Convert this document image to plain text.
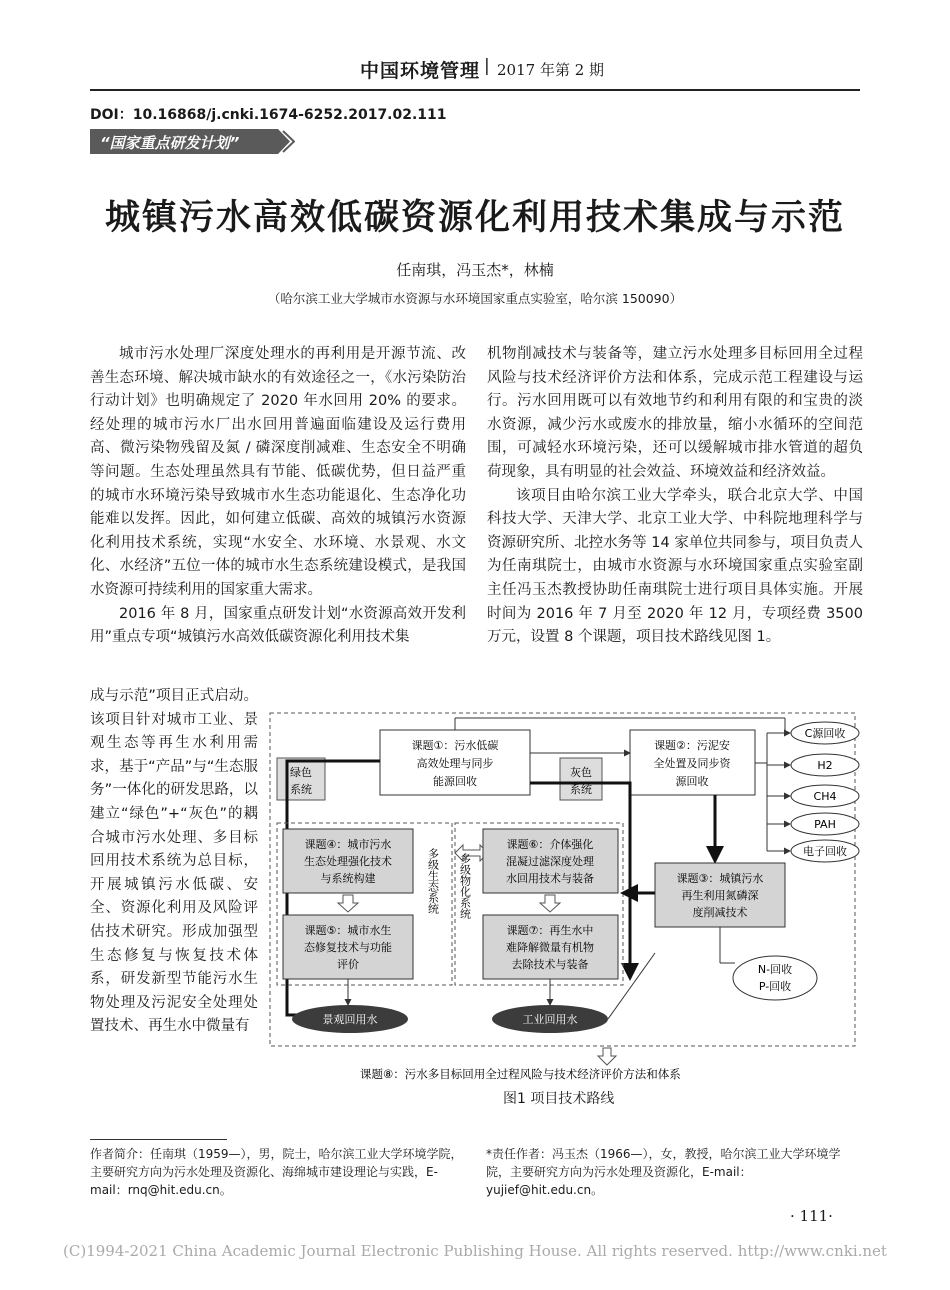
中国环境管理 | 2017 年第 2 期
DOI：10.16868/j.cnki.1674-6252.2017.02.111
“国家重点研发计划”
城镇污水高效低碳资源化利用技术集成与示范
任南琪，冯玉杰*，林楠
（哈尔滨工业大学城市水资源与水环境国家重点实验室，哈尔滨 150090）

城市污水处理厂深度处理水的再利用是开源节流、改善生态环境、解决城市缺水的有效途径之一，《水污染防治行动计划》也明确规定了 2020 年水回用 20% 的要求。经处理的城市污水厂出水回用普遍面临建设及运行费用高、微污染物残留及氮 / 磷深度削减难、生态安全不明确等问题。生态处理虽然具有节能、低碳优势，但日益严重的城市水环境污染导致城市水生态功能退化、生态净化功能难以发挥。因此，如何建立低碳、高效的城镇污水资源化利用技术系统，实现“水安全、水环境、水景观、水文化、水经济”五位一体的城市水生态系统建设模式，是我国水资源可持续利用的国家重大需求。

2016 年 8 月，国家重点研发计划“水资源高效开发利用”重点专项“城镇污水高效低碳资源化利用技术集

成与示范”项目正式启动。该项目针对城市工业、景观生态等再生水利用需求，基于“产品”与“生态服务”一体化的研发思路，以建立“绿色”+“灰色”的耦合城市污水处理、多目标回用技术系统为总目标，开展城镇污水低碳、安全、资源化利用及风险评估技术研究。形成加强型生态修复与恢复技术体系，研发新型节能污水生物处理及污泥安全处理处置技术、再生水中微量有

机物削减技术与装备等，建立污水处理多目标回用全过程风险与技术经济评价方法和体系，完成示范工程建设与运行。污水回用既可以有效地节约和利用有限的和宝贵的淡水资源，减少污水或废水的排放量，缩小水循环的空间范围，可减轻水环境污染，还可以缓解城市排水管道的超负荷现象，具有明显的社会效益、环境效益和经济效益。

该项目由哈尔滨工业大学牵头，联合北京大学、中国科技大学、天津大学、北京工业大学、中科院地理科学与资源研究所、北控水务等 14 家单位共同参与，项目负责人为任南琪院士，由城市水资源与水环境国家重点实验室副主任冯玉杰教授协助任南琪院士进行项目具体实施。开展时间为 2016 年 7 月至 2020 年 12 月，专项经费 3500 万元，设置 8 个课题，项目技术路线见图 1。

课题①：污水低碳
高效处理与同步
能源回收
课题②：污泥安
全处置及同步资
源回收
C源回收
H2
CH4
PAH
电子回收
绿色
系统
灰色
系统
课题④：城市污水
生态处理强化技术
与系统构建
课题⑤：城市水生
态修复技术与功能
评价
多级生态系统 多级物化系统
课题⑥：介体强化
混凝过滤深度处理
水回用技术与装备
课题⑦：再生水中
难降解微量有机物
去除技术与装备
课题③：城镇污水
再生利用氮磷深
度削减技术
N-回收
P-回收
景观回用水	工业回用水
课题⑧：污水多目标回用全过程风险与技术经济评价方法和体系
图1 项目技术路线
作者简介：任南琪（1959—），男，院士，哈尔滨工业大学环境学院，主要研究方向为污水处理及资源化、海绵城市建设理论与实践，E-mail：rnq@hit.edu.cn。
*责任作者：冯玉杰（1966—），女，教授，哈尔滨工业大学环境学院，主要研究方向为污水处理及资源化，E-mail：yujief@hit.edu.cn。
· 111·
(C)1994-2021 China Academic Journal Electronic Publishing House. All rights reserved. http://www.cnki.net
